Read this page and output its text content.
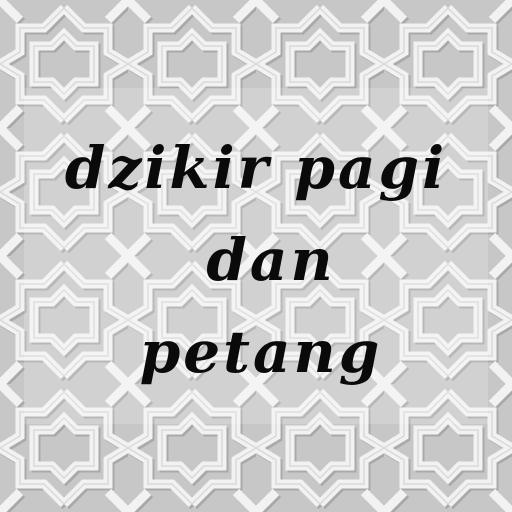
dzikir pagi
dan
petang
